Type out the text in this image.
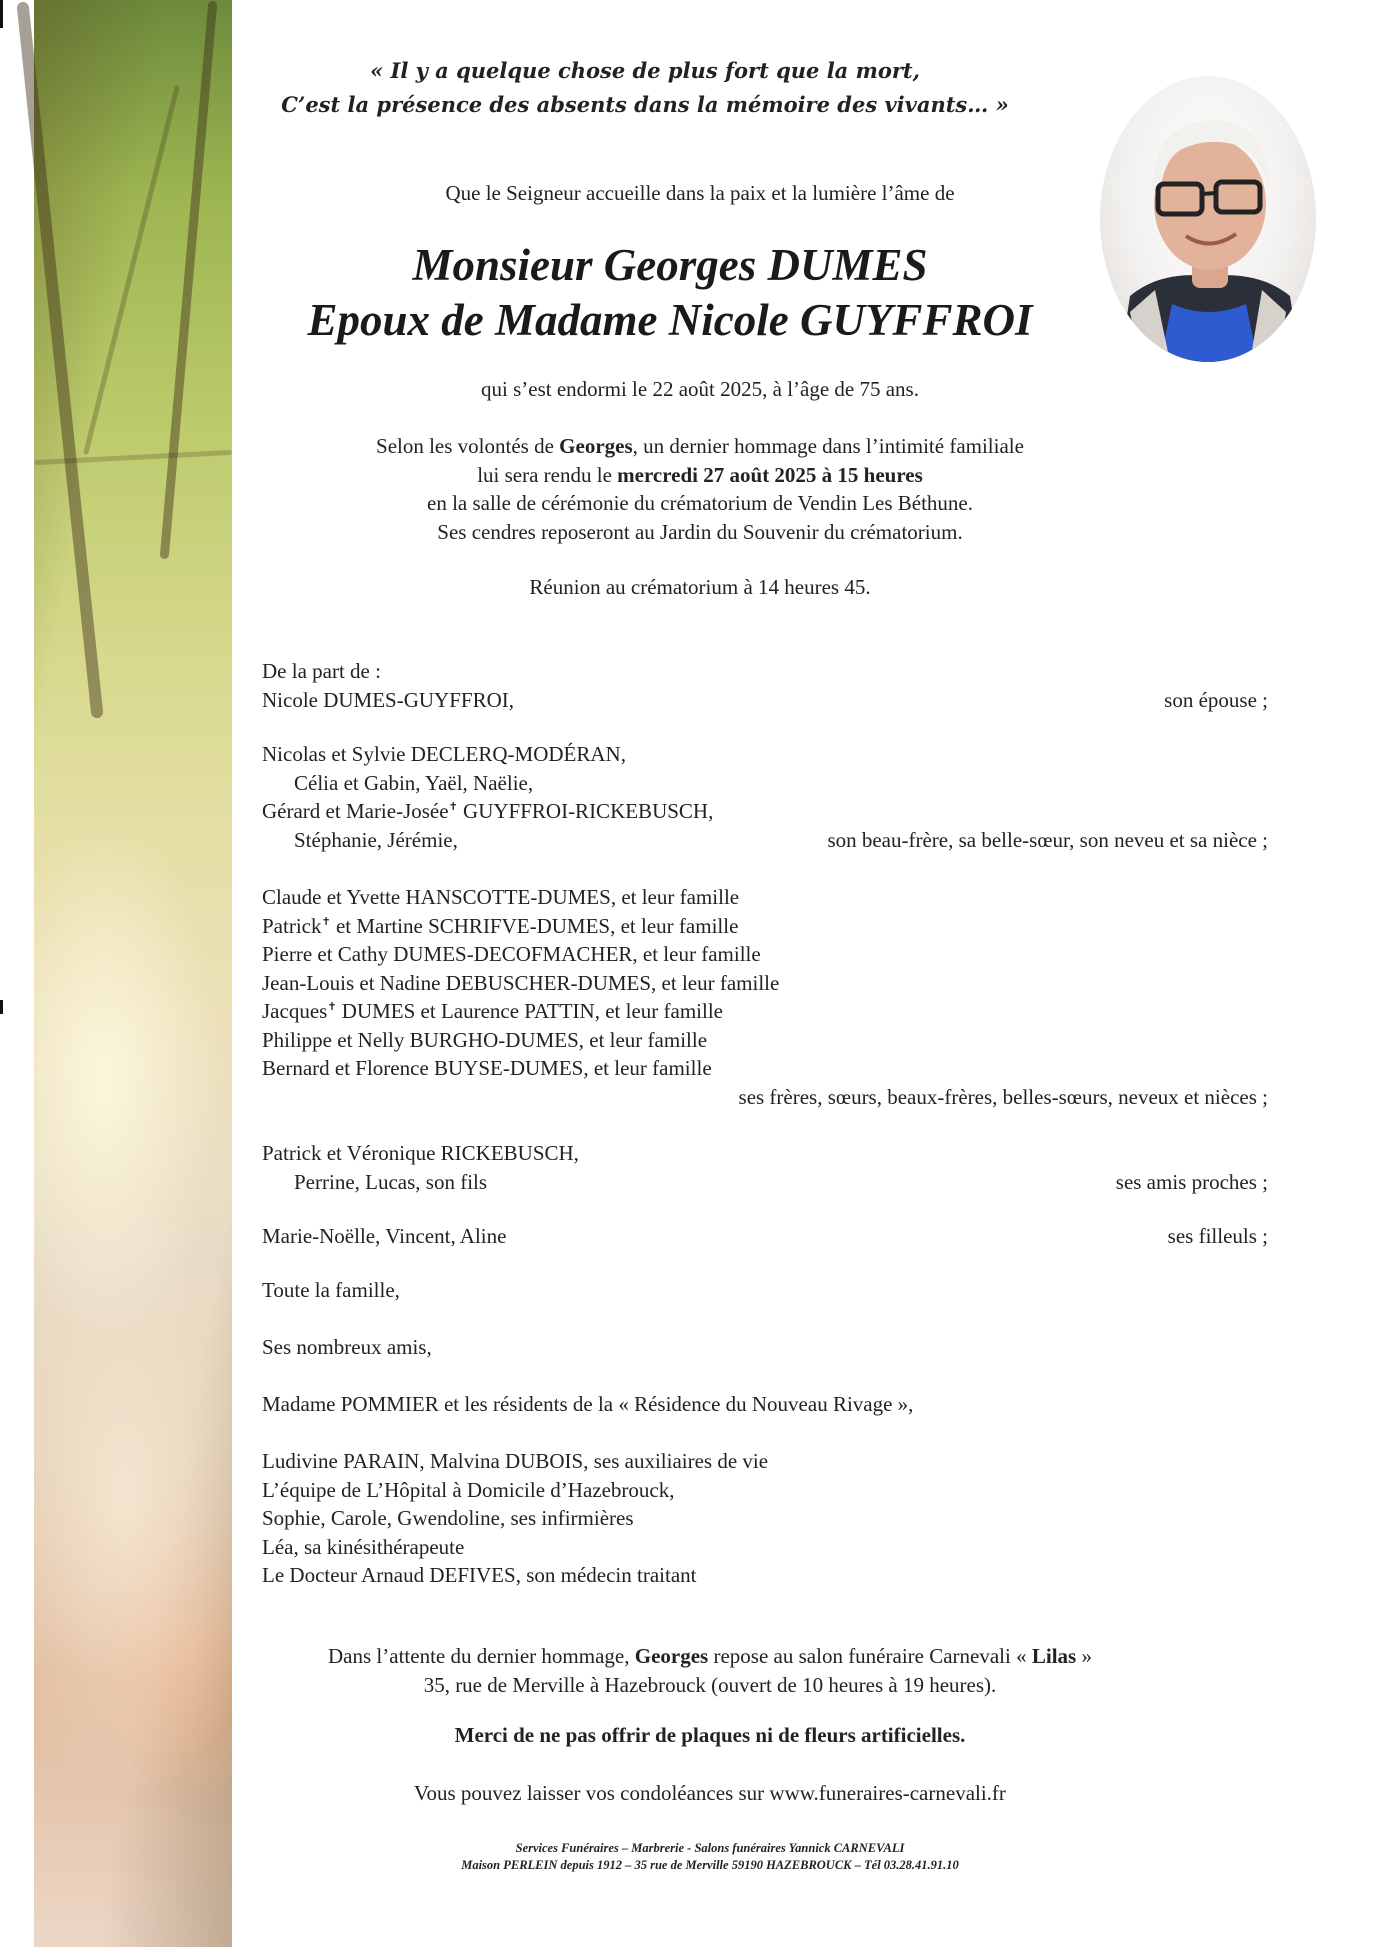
« Il y a quelque chose de plus fort que la mort,
C’est la présence des absents dans la mémoire des vivants… »
Que le Seigneur accueille dans la paix et la lumière l’âme de
Monsieur Georges DUMES
Epoux de Madame Nicole GUYFFROI
qui s’est endormi le 22 août 2025, à l’âge de 75 ans.
Selon les volontés de Georges, un dernier hommage dans l’intimité familiale
lui sera rendu le mercredi 27 août 2025 à 15 heures
en la salle de cérémonie du crématorium de Vendin Les Béthune.
Ses cendres reposeront au Jardin du Souvenir du crématorium.
Réunion au crématorium à 14 heures 45.
De la part de :
Nicole DUMES-GUYFFROI,	son épouse ;
Nicolas et Sylvie DECLERQ-MODÉRAN,
Célia et Gabin, Yaël, Naëlie,
Gérard et Marie-Josée✝ GUYFFROI-RICKEBUSCH,
Stéphanie, Jérémie,	son beau-frère, sa belle-sœur, son neveu et sa nièce ;
Claude et Yvette HANSCOTTE-DUMES, et leur famille
Patrick✝ et Martine SCHRIFVE-DUMES, et leur famille
Pierre et Cathy DUMES-DECOFMACHER, et leur famille
Jean-Louis et Nadine DEBUSCHER-DUMES, et leur famille
Jacques✝ DUMES et Laurence PATTIN, et leur famille
Philippe et Nelly BURGHO-DUMES, et leur famille
Bernard et Florence BUYSE-DUMES, et leur famille
ses frères, sœurs, beaux-frères, belles-sœurs, neveux et nièces ;
Patrick et Véronique RICKEBUSCH,
Perrine, Lucas, son fils	ses amis proches ;
Marie-Noëlle, Vincent, Aline	ses filleuls ;
Toute la famille,
Ses nombreux amis,
Madame POMMIER et les résidents de la « Résidence du Nouveau Rivage »,
Ludivine PARAIN, Malvina DUBOIS, ses auxiliaires de vie
L’équipe de L’Hôpital à Domicile d’Hazebrouck,
Sophie, Carole, Gwendoline, ses infirmières
Léa, sa kinésithérapeute
Le Docteur Arnaud DEFIVES, son médecin traitant
Dans l’attente du dernier hommage, Georges repose au salon funéraire Carnevali « Lilas »
35, rue de Merville à Hazebrouck (ouvert de 10 heures à 19 heures).
Merci de ne pas offrir de plaques ni de fleurs artificielles.
Vous pouvez laisser vos condoléances sur www.funeraires-carnevali.fr
Services Funéraires – Marbrerie - Salons funéraires Yannick CARNEVALI
Maison PERLEIN depuis 1912 – 35 rue de Merville 59190 HAZEBROUCK – Tél 03.28.41.91.10
